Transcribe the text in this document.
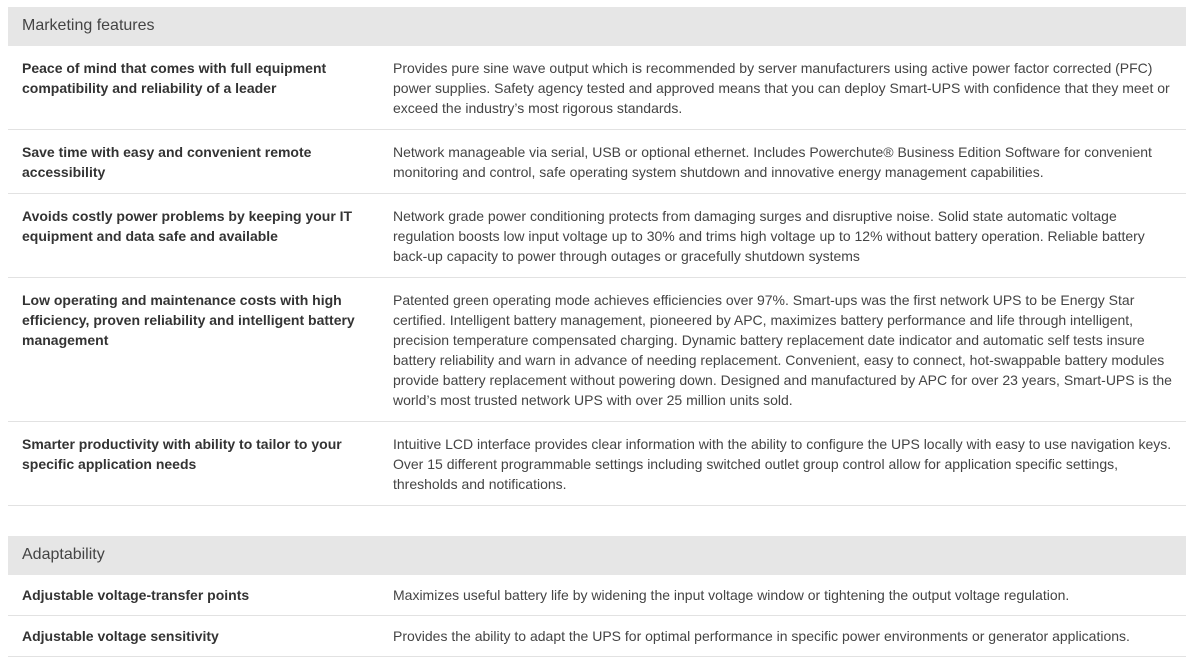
Marketing features
Peace of mind that comes with full equipment compatibility and reliability of a leader
Provides pure sine wave output which is recommended by server manufacturers using active power factor corrected (PFC) power supplies. Safety agency tested and approved means that you can deploy Smart-UPS with confidence that they meet or exceed the industry’s most rigorous standards.
Save time with easy and convenient remote accessibility
Network manageable via serial, USB or optional ethernet. Includes Powerchute® Business Edition Software for convenient monitoring and control, safe operating system shutdown and innovative energy management capabilities.
Avoids costly power problems by keeping your IT equipment and data safe and available
Network grade power conditioning protects from damaging surges and disruptive noise. Solid state automatic voltage regulation boosts low input voltage up to 30% and trims high voltage up to 12% without battery operation. Reliable battery back-up capacity to power through outages or gracefully shutdown systems
Low operating and maintenance costs with high efficiency, proven reliability and intelligent battery management
Patented green operating mode achieves efficiencies over 97%. Smart-ups was the first network UPS to be Energy Star certified. Intelligent battery management, pioneered by APC, maximizes battery performance and life through intelligent, precision temperature compensated charging. Dynamic battery replacement date indicator and automatic self tests insure battery reliability and warn in advance of needing replacement. Convenient, easy to connect, hot-swappable battery modules provide battery replacement without powering down. Designed and manufactured by APC for over 23 years, Smart-UPS is the world’s most trusted network UPS with over 25 million units sold.
Smarter productivity with ability to tailor to your specific application needs
Intuitive LCD interface provides clear information with the ability to configure the UPS locally with easy to use navigation keys. Over 15 different programmable settings including switched outlet group control allow for application specific settings, thresholds and notifications.
Adaptability
Adjustable voltage-transfer points	Maximizes useful battery life by widening the input voltage window or tightening the output voltage regulation.
Adjustable voltage sensitivity	Provides the ability to adapt the UPS for optimal performance in specific power environments or generator applications.
